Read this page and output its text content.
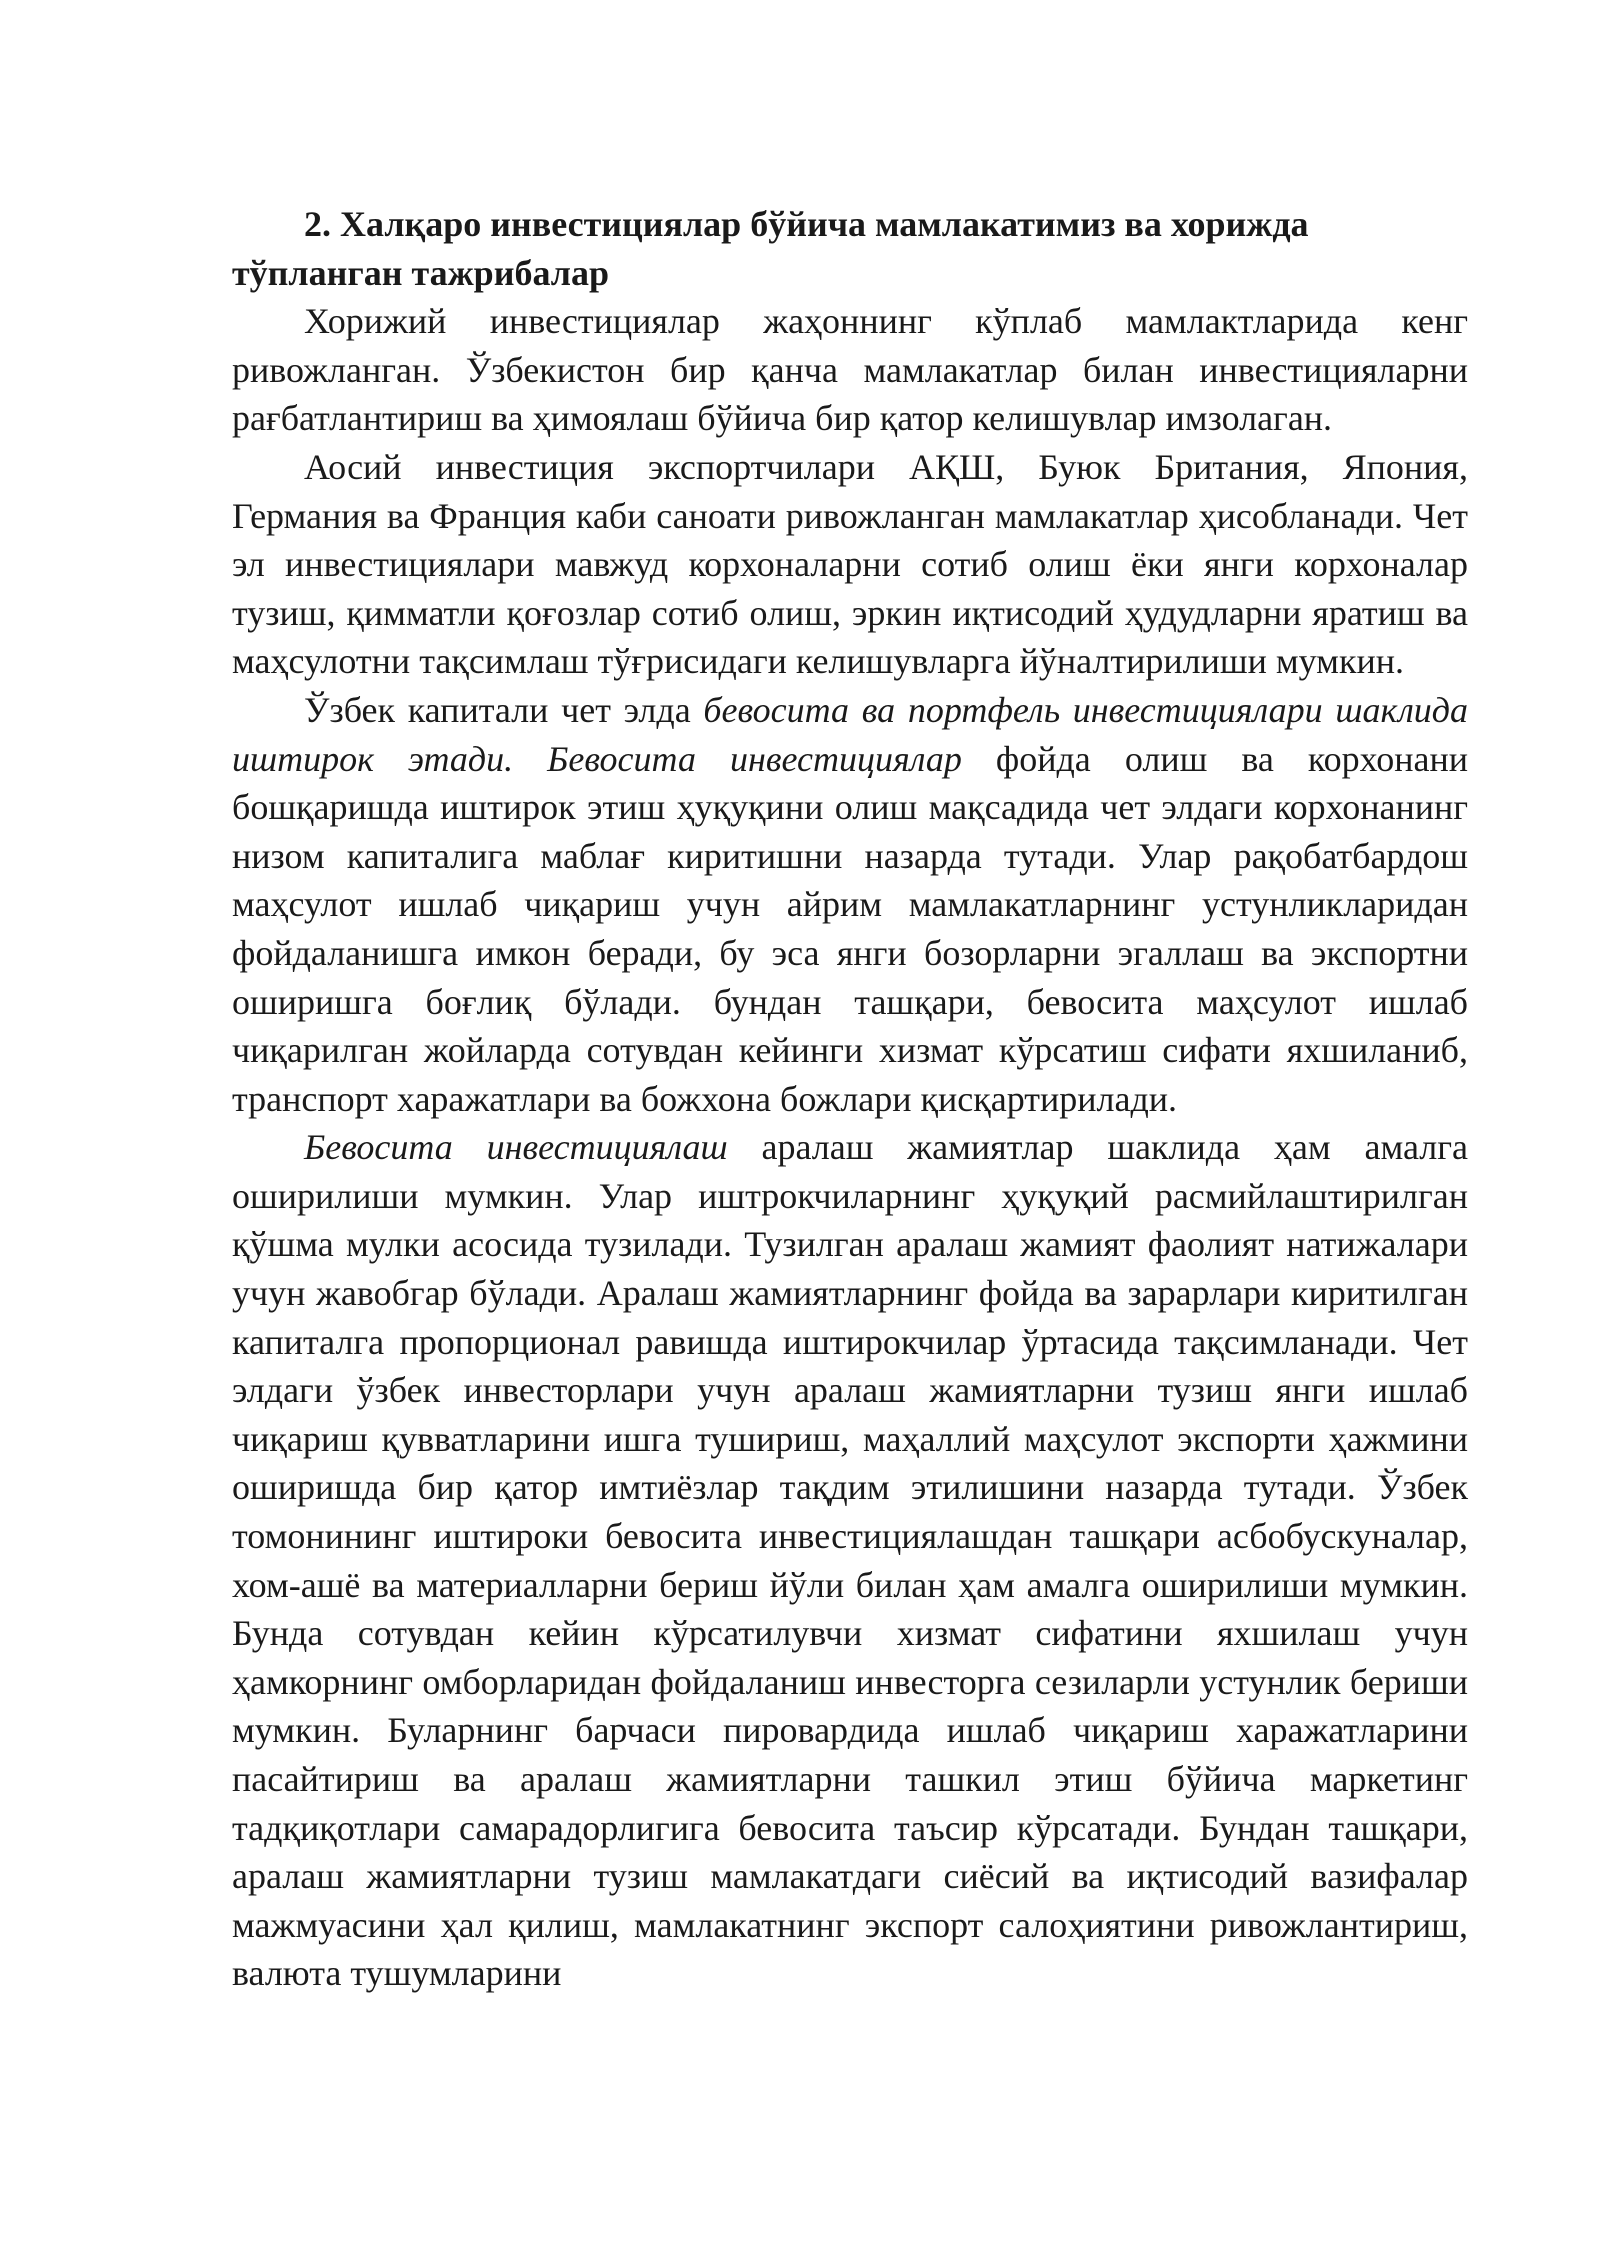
2. Халқаро инвестициялар бўйича мамлакатимиз ва хорижда тўпланган тажрибалар

Хорижий инвестициялар жаҳоннинг кўплаб мамлактларида кенг ривожланган. Ўзбекистон бир қанча мамлакатлар билан инвестицияларни рағбатлантириш ва ҳимоялаш бўйича бир қатор келишувлар имзолаган.

Аосий инвестиция экспортчилари АҚШ, Буюк Британия, Япония, Германия ва Франция каби саноати ривожланган мамлакатлар ҳисобланади. Чет эл инвестициялари мавжуд корхоналарни сотиб олиш ёки янги корхоналар тузиш, қимматли қоғозлар сотиб олиш, эркин иқтисодий ҳудудларни яратиш ва маҳсулотни тақсимлаш тўғрисидаги келишувларга йўналтирилиши мумкин.

Ўзбек капитали чет элда бевосита ва портфель инвестициялари шаклида иштирок этади. Бевосита инвестициялар фойда олиш ва корхонани бошқаришда иштирок этиш ҳуқуқини олиш мақсадида чет элдаги корхонанинг низом капиталига маблағ киритишни назарда тутади. Улар рақобатбардош маҳсулот ишлаб чиқариш учун айрим мамлакатларнинг устунликларидан фойдаланишга имкон беради, бу эса янги бозорларни эгаллаш ва экспортни оширишга боғлиқ бўлади. бундан ташқари, бевосита маҳсулот ишлаб чиқарилган жойларда сотувдан кейинги хизмат кўрсатиш сифати яхшиланиб, транспорт харажатлари ва божхона божлари қисқартирилади.

Бевосита инвестициялаш аралаш жамиятлар шаклида ҳам амалга оширилиши мумкин. Улар иштрокчиларнинг ҳуқуқий расмийлаштирилган қўшма мулки асосида тузилади. Тузилган аралаш жамият фаолият натижалари учун жавобгар бўлади. Аралаш жамиятларнинг фойда ва зарарлари киритилган капиталга пропорционал равишда иштирокчилар ўртасида тақсимланади. Чет элдаги ўзбек инвесторлари учун аралаш жамиятларни тузиш янги ишлаб чиқариш қувватларини ишга тушириш, маҳаллий маҳсулот экспорти ҳажмини оширишда бир қатор имтиёзлар тақдим этилишини назарда тутади. Ўзбек томонининг иштироки бевосита инвестициялашдан ташқари асбобускуналар, хом-ашё ва материалларни бериш йўли билан ҳам амалга оширилиши мумкин. Бунда сотувдан кейин кўрсатилувчи хизмат сифатини яхшилаш учун ҳамкорнинг омборларидан фойдаланиш инвесторга сезиларли устунлик бериши мумкин. Буларнинг барчаси пировардида ишлаб чиқариш харажатларини пасайтириш ва аралаш жамиятларни ташкил этиш бўйича маркетинг тадқиқотлари самарадорлигига бевосита таъсир кўрсатади. Бундан ташқари, аралаш жамиятларни тузиш мамлакатдаги сиёсий ва иқтисодий вазифалар мажмуасини ҳал қилиш, мамлакатнинг экспорт салоҳиятини ривожлантириш, валюта тушумларини
